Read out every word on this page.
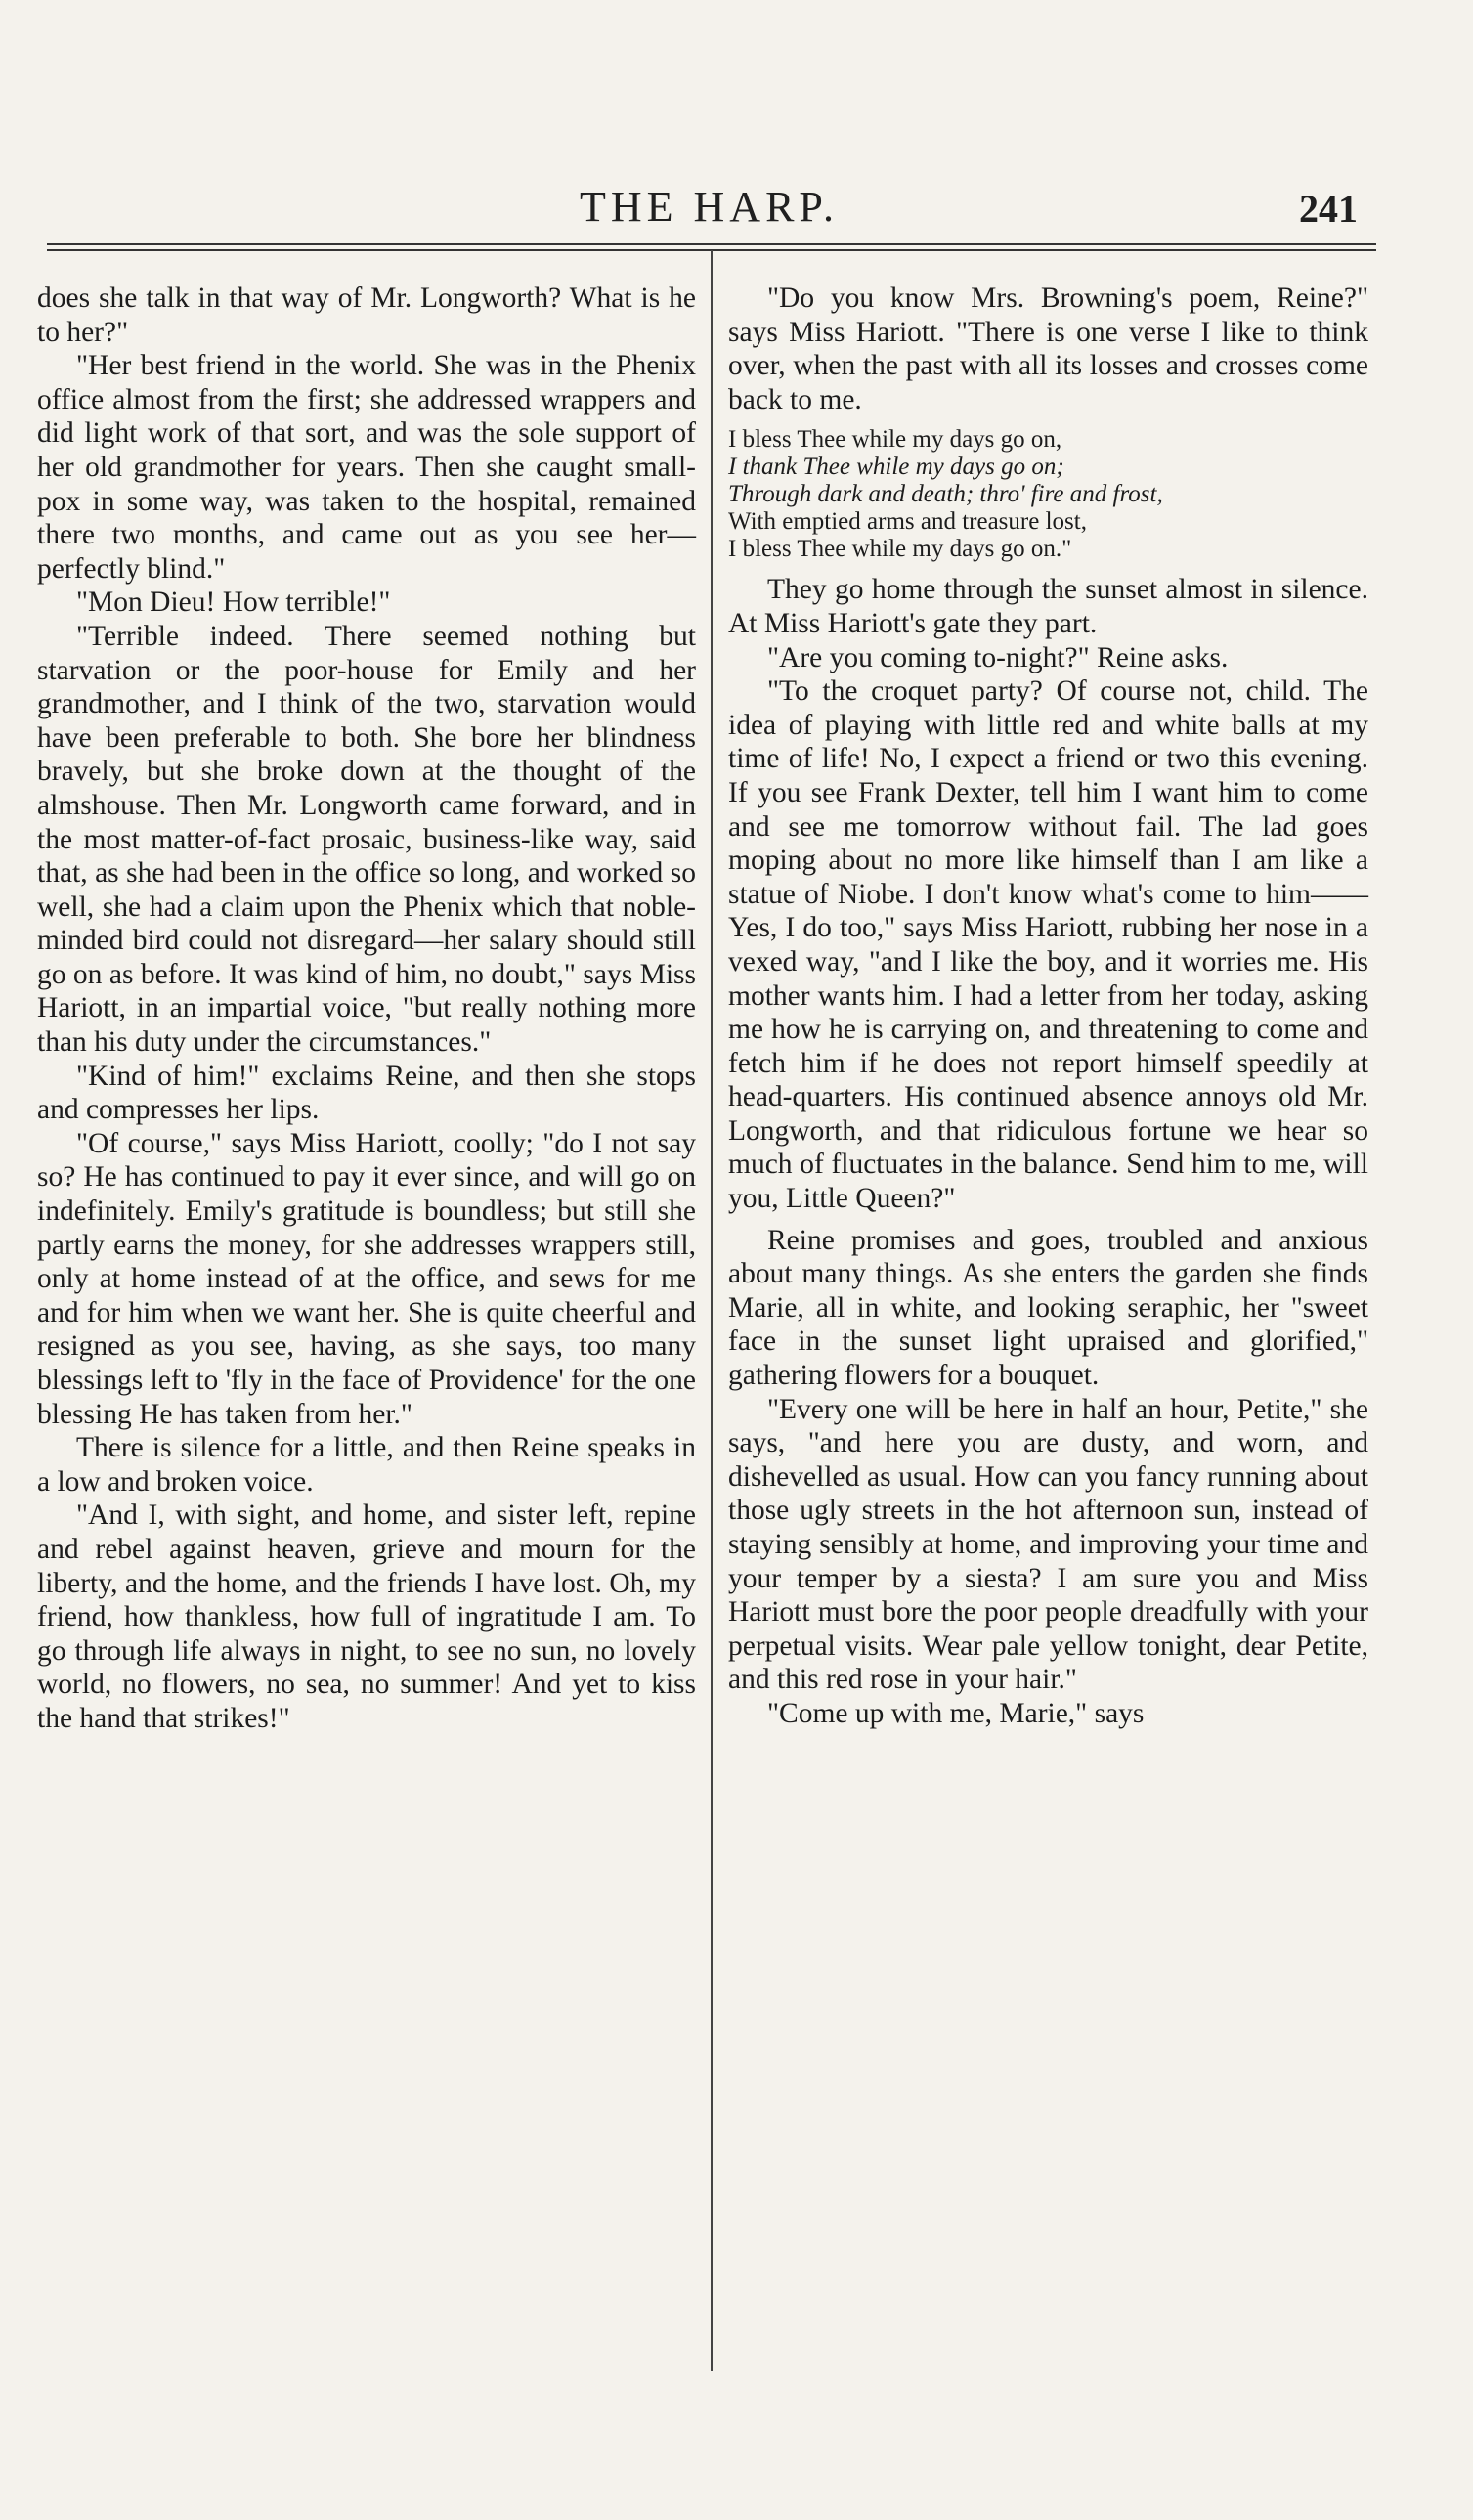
THE HARP.	241

does she talk in that way of Mr. Longworth? What is he to her?"

"Her best friend in the world. She was in the Phenix office almost from the first; she addressed wrappers and did light work of that sort, and was the sole support of her old grandmother for years. Then she caught small-pox in some way, was taken to the hospital, remained there two months, and came out as you see her—perfectly blind."

"Mon Dieu! How terrible!"

"Terrible indeed. There seemed nothing but starvation or the poor-house for Emily and her grandmother, and I think of the two, starvation would have been preferable to both. She bore her blindness bravely, but she broke down at the thought of the almshouse. Then Mr. Longworth came forward, and in the most matter-of-fact prosaic, business-like way, said that, as she had been in the office so long, and worked so well, she had a claim upon the Phenix which that noble-minded bird could not disregard—her salary should still go on as before. It was kind of him, no doubt," says Miss Hariott, in an impartial voice, "but really nothing more than his duty under the circumstances."

"Kind of him!" exclaims Reine, and then she stops and compresses her lips.

"Of course," says Miss Hariott, coolly; "do I not say so? He has continued to pay it ever since, and will go on indefinitely. Emily's gratitude is boundless; but still she partly earns the money, for she addresses wrappers still, only at home instead of at the office, and sews for me and for him when we want her. She is quite cheerful and resigned as you see, having, as she says, too many blessings left to 'fly in the face of Providence' for the one blessing He has taken from her."

There is silence for a little, and then Reine speaks in a low and broken voice.

"And I, with sight, and home, and sister left, repine and rebel against heaven, grieve and mourn for the liberty, and the home, and the friends I have lost. Oh, my friend, how thankless, how full of ingratitude I am. To go through life always in night, to see no sun, no lovely world, no flowers, no sea, no summer! And yet to kiss the hand that strikes!"

"Do you know Mrs. Browning's poem, Reine?" says Miss Hariott. "There is one verse I like to think over, when the past with all its losses and crosses come back to me.

I bless Thee while my days go on,
I thank Thee while my days go on;
Through dark and death; thro' fire and frost,
With emptied arms and treasure lost,
I bless Thee while my days go on."

They go home through the sunset almost in silence. At Miss Hariott's gate they part.

"Are you coming to-night?" Reine asks.

"To the croquet party? Of course not, child. The idea of playing with little red and white balls at my time of life! No, I expect a friend or two this evening. If you see Frank Dexter, tell him I want him to come and see me tomorrow without fail. The lad goes moping about no more like himself than I am like a statue of Niobe. I don't know what's come to him——Yes, I do too," says Miss Hariott, rubbing her nose in a vexed way, "and I like the boy, and it worries me. His mother wants him. I had a letter from her today, asking me how he is carrying on, and threatening to come and fetch him if he does not report himself speedily at head-quarters. His continued absence annoys old Mr. Longworth, and that ridiculous fortune we hear so much of fluctuates in the balance. Send him to me, will you, Little Queen?"

Reine promises and goes, troubled and anxious about many things. As she enters the garden she finds Marie, all in white, and looking seraphic, her "sweet face in the sunset light upraised and glorified," gathering flowers for a bouquet.

"Every one will be here in half an hour, Petite," she says, "and here you are dusty, and worn, and dishevelled as usual. How can you fancy running about those ugly streets in the hot afternoon sun, instead of staying sensibly at home, and improving your time and your temper by a siesta? I am sure you and Miss Hariott must bore the poor people dreadfully with your perpetual visits. Wear pale yellow tonight, dear Petite, and this red rose in your hair."

"Come up with me, Marie," says
